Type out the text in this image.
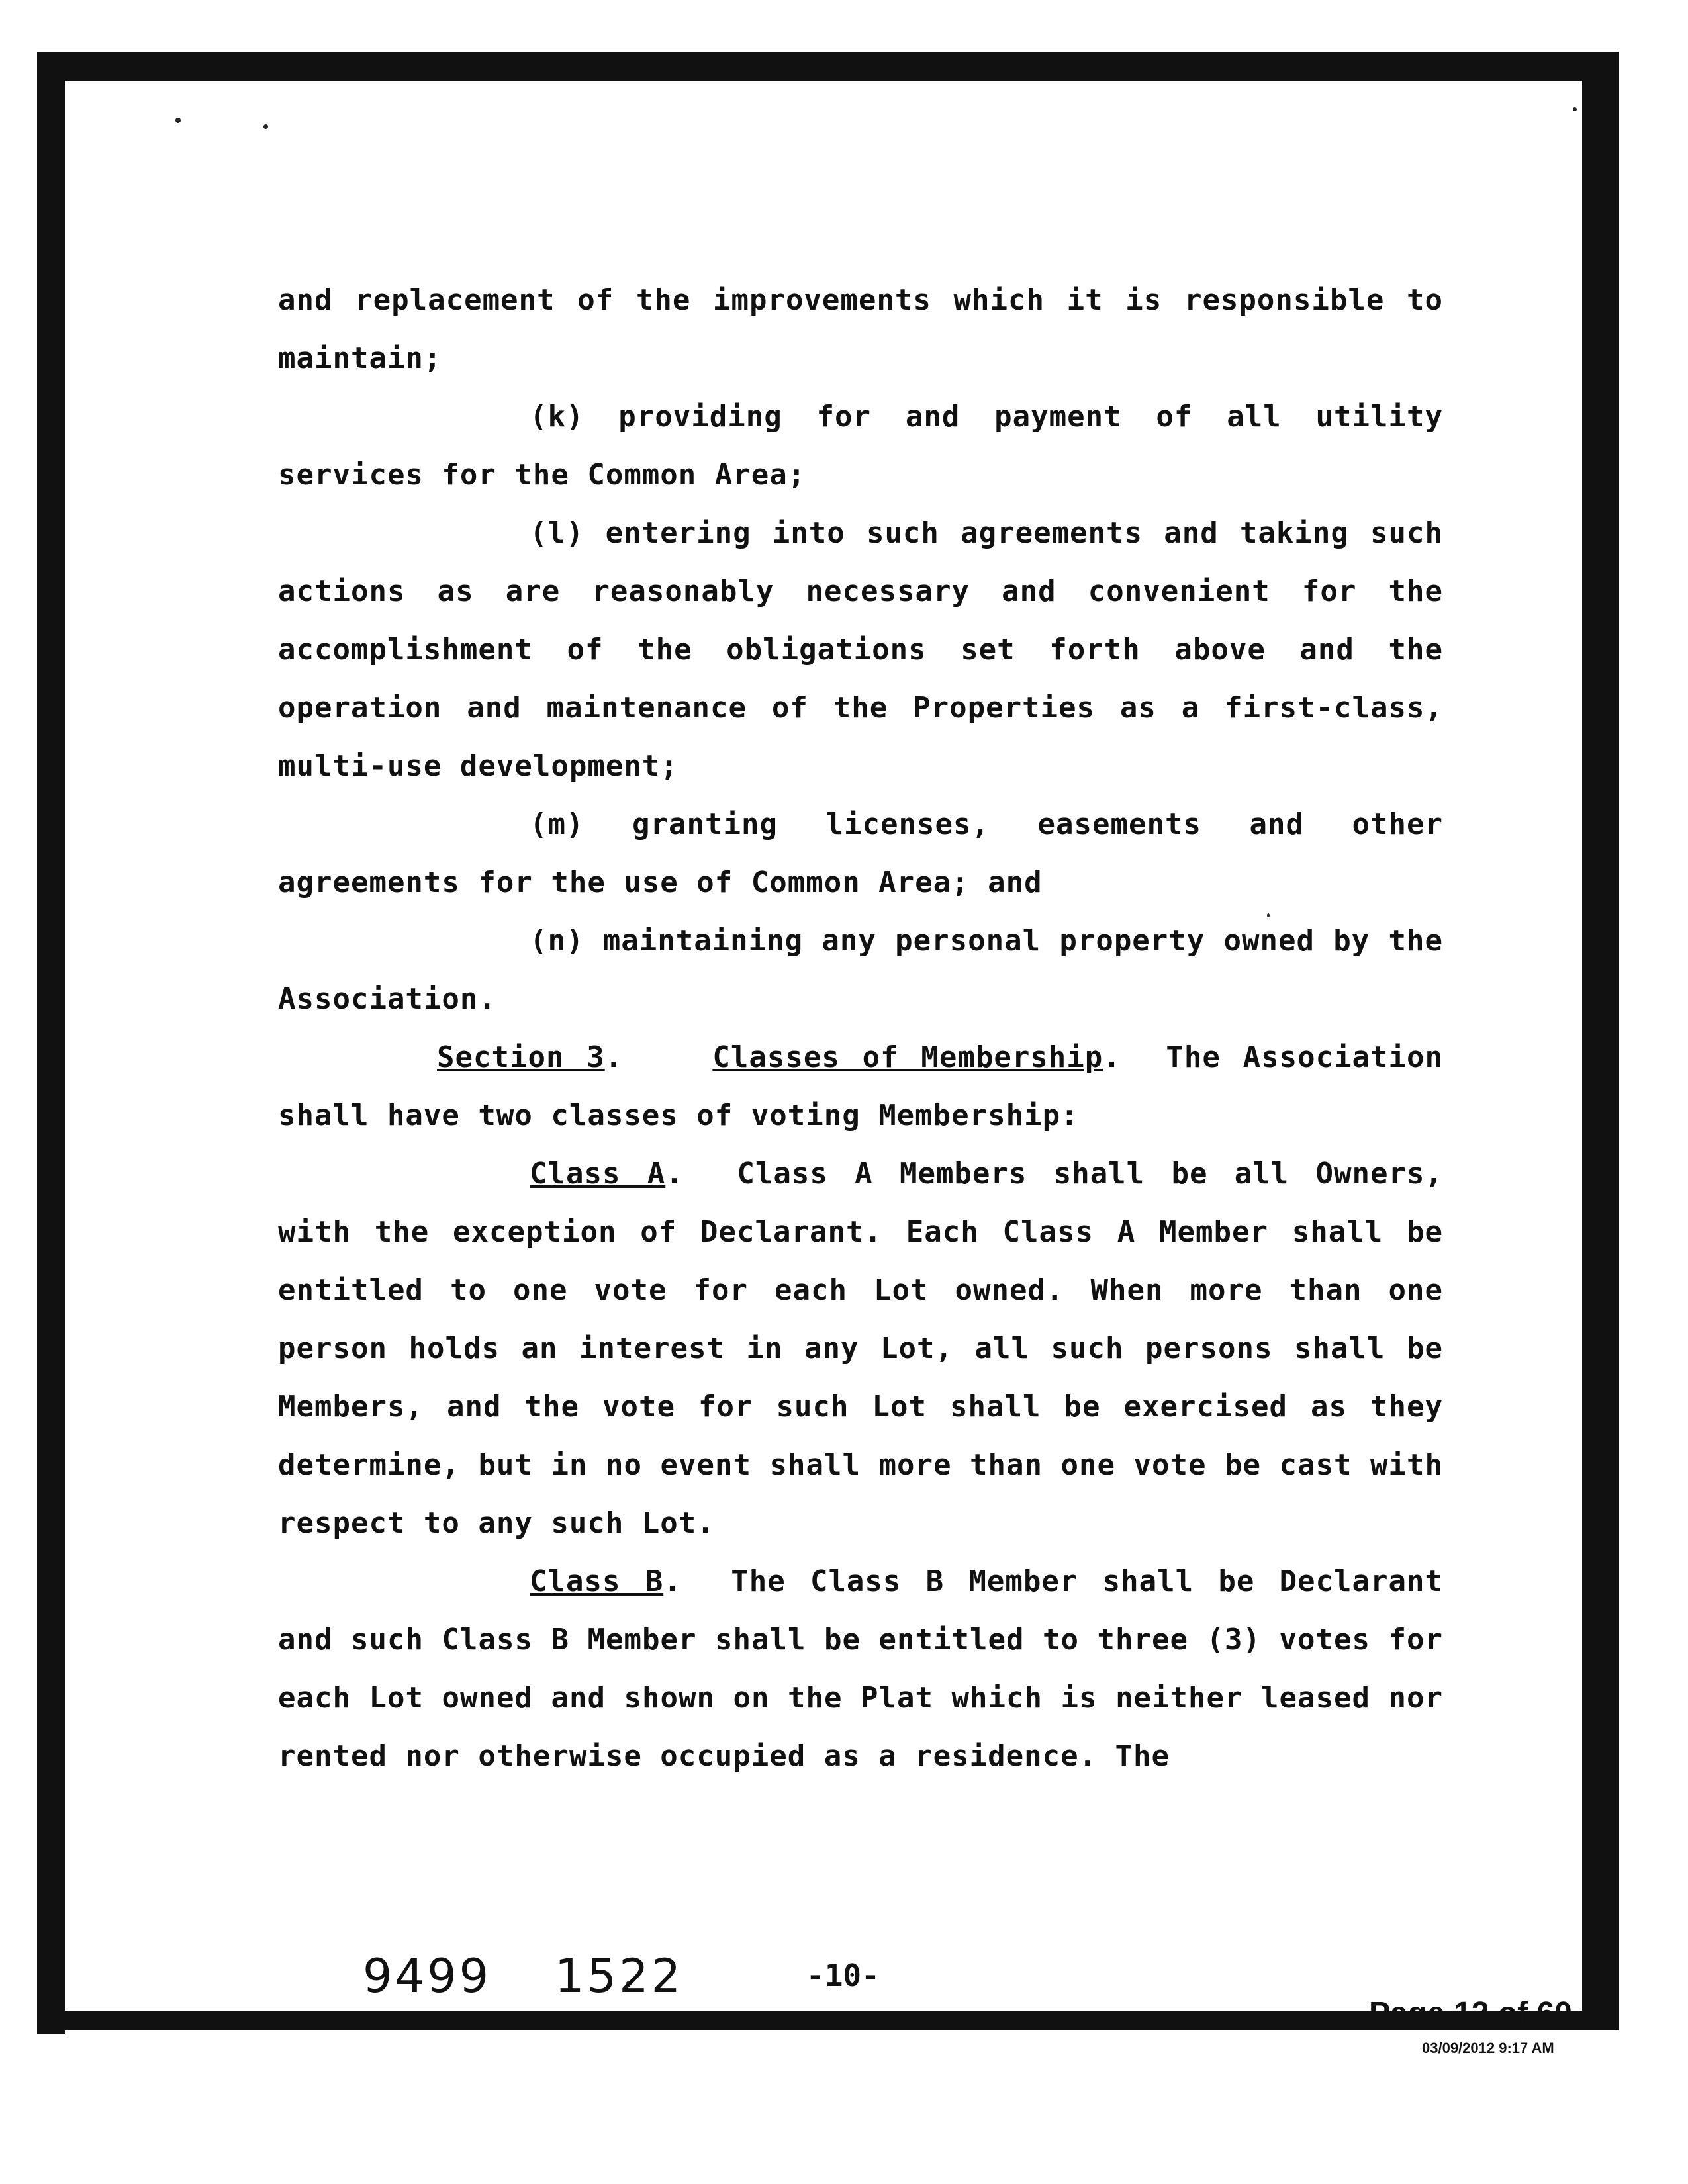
and replacement of the improvements which it is responsible to maintain;

(k) providing for and payment of all utility services for the Common Area;

(l) entering into such agreements and taking such actions as are reasonably necessary and convenient for the accomplishment of the obligations set forth above and the operation and maintenance of the Properties as a first-class, multi-use development;

(m) granting licenses, easements and other agreements for the use of Common Area; and

(n) maintaining any personal property owned by the Association.

Section 3.    Classes of Membership.  The Association shall have two classes of voting Membership:

Class A.  Class A Members shall be all Owners, with the exception of Declarant. Each Class A Member shall be entitled to one vote for each Lot owned. When more than one person holds an interest in any Lot, all such persons shall be Members, and the vote for such Lot shall be exercised as they determine, but in no event shall more than one vote be cast with respect to any such Lot.

Class B.  The Class B Member shall be Declarant and such Class B Member shall be entitled to three (3) votes for each Lot owned and shown on the Plat which is neither leased nor rented nor otherwise occupied as a residence. The

9499 1522	-10-
Page 12 of 60
03/09/2012 9:17 AM
